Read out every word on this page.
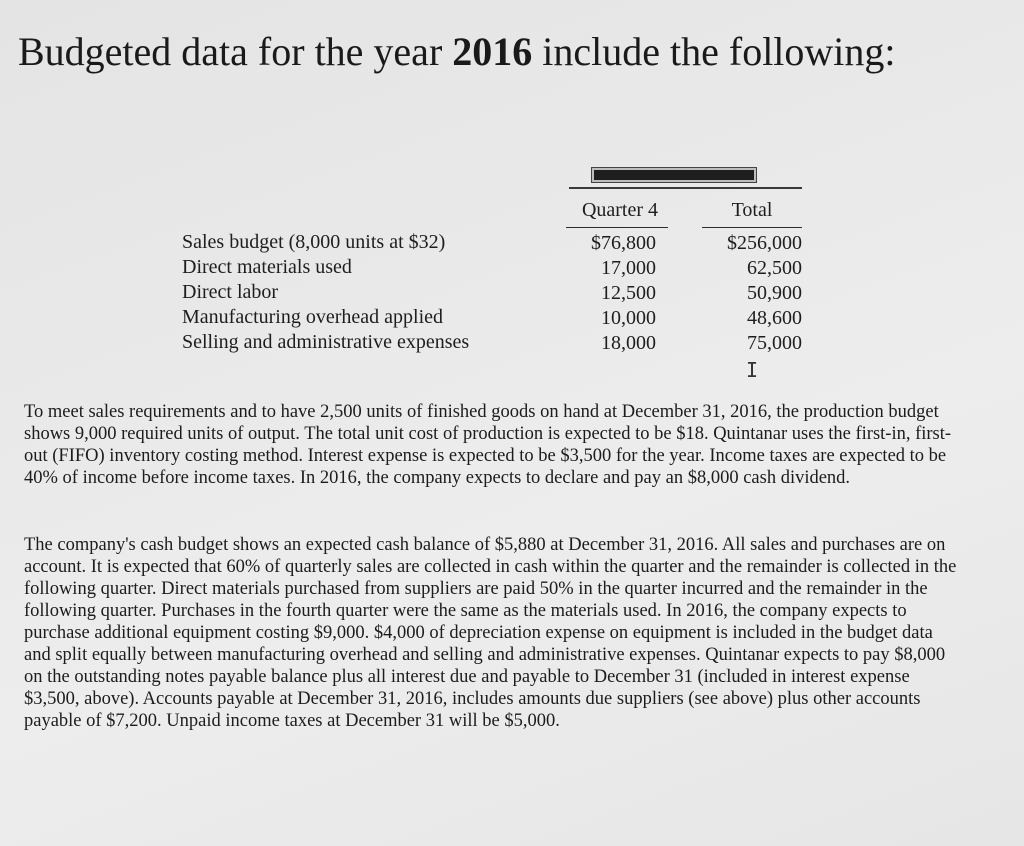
Budgeted data for the year 2016 include the following:
Sales budget (8,000 units at $32)
Direct materials used
Direct labor
Manufacturing overhead applied
Selling and administrative expenses
Quarter 4
$76,800
17,000
12,500
10,000
18,000
Total
$256,000
62,500
50,900
48,600
75,000
I

To meet sales requirements and to have 2,500 units of finished goods on hand at December 31, 2016, the production budget shows 9,000 required units of output. The total unit cost of production is expected to be $18. Quintanar uses the first-in, first-out (FIFO) inventory costing method. Interest expense is expected to be $3,500 for the year. Income taxes are expected to be 40% of income before income taxes. In 2016, the company expects to declare and pay an $8,000 cash dividend.

The company's cash budget shows an expected cash balance of $5,880 at December 31, 2016. All sales and purchases are on account. It is expected that 60% of quarterly sales are collected in cash within the quarter and the remainder is collected in the following quarter. Direct materials purchased from suppliers are paid 50% in the quarter incurred and the remainder in the following quarter. Purchases in the fourth quarter were the same as the materials used. In 2016, the company expects to purchase additional equipment costing $9,000. $4,000 of depreciation expense on equipment is included in the budget data and split equally between manufacturing overhead and selling and administrative expenses. Quintanar expects to pay $8,000 on the outstanding notes payable balance plus all interest due and payable to December 31 (included in interest expense $3,500, above). Accounts payable at December 31, 2016, includes amounts due suppliers (see above) plus other accounts payable of $7,200. Unpaid income taxes at December 31 will be $5,000.
